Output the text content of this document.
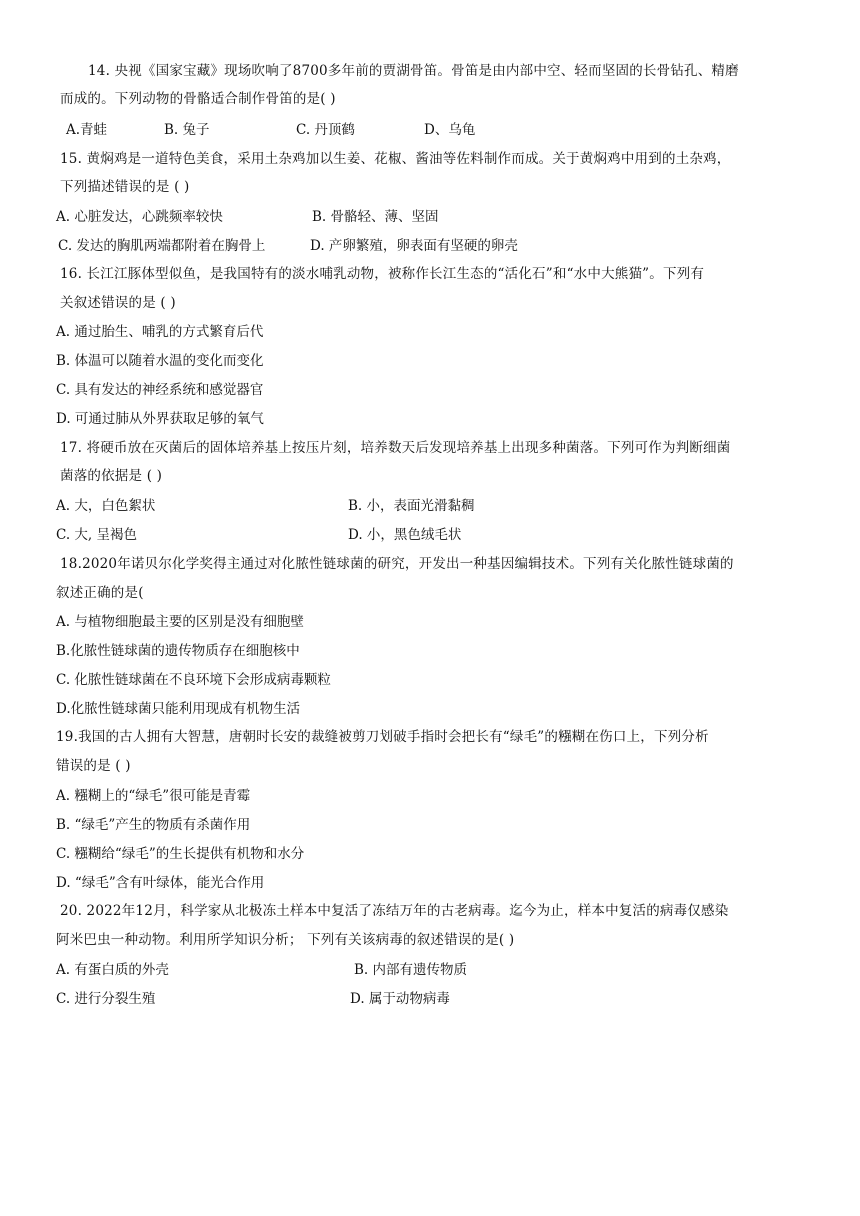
14. 央视《国家宝藏》现场吹响了8700多年前的贾湖骨笛。骨笛是由内部中空、轻而坚固的长骨钻孔、精磨
而成的。下列动物的骨骼适合制作骨笛的是( )
A.青蛙	B. 兔子	C. 丹顶鹤	D、乌龟
15. 黄焖鸡是一道特色美食，采用土杂鸡加以生姜、花椒、酱油等佐料制作而成。关于黄焖鸡中用到的土杂鸡，
下列描述错误的是 ( )
A. 心脏发达，心跳频率较快	B. 骨骼轻、薄、坚固
C. 发达的胸肌两端都附着在胸骨上	D. 产卵繁殖，卵表面有坚硬的卵壳
16. 长江江豚体型似鱼，是我国特有的淡水哺乳动物，被称作长江生态的“活化石”和“水中大熊猫”。下列有
关叙述错误的是 ( )
A. 通过胎生、哺乳的方式繁育后代
B. 体温可以随着水温的变化而变化
C. 具有发达的神经系统和感觉器官
D. 可通过肺从外界获取足够的氧气
17. 将硬币放在灭菌后的固体培养基上按压片刻，培养数天后发现培养基上出现多种菌落。下列可作为判断细菌
菌落的依据是 ( )
A. 大，白色絮状	B. 小，表面光滑黏稠
C. 大, 呈褐色	D. 小，黑色绒毛状
18.2020年诺贝尔化学奖得主通过对化脓性链球菌的研究，开发出一种基因编辑技术。下列有关化脓性链球菌的
叙述正确的是(
A. 与植物细胞最主要的区别是没有细胞壁
B.化脓性链球菌的遗传物质存在细胞核中
C. 化脓性链球菌在不良环境下会形成病毒颗粒
D.化脓性链球菌只能利用现成有机物生活
19.我国的古人拥有大智慧，唐朝时长安的裁缝被剪刀划破手指时会把长有“绿毛”的糨糊在伤口上，下列分析
错误的是 ( )
A. 糨糊上的“绿毛”很可能是青霉
B. “绿毛”产生的物质有杀菌作用
C. 糨糊给“绿毛”的生长提供有机物和水分
D. “绿毛”含有叶绿体，能光合作用
20. 2022年12月，科学家从北极冻土样本中复活了冻结万年的古老病毒。迄今为止，样本中复活的病毒仅感染
阿米巴虫一种动物。利用所学知识分析； 下列有关该病毒的叙述错误的是( )
A. 有蛋白质的外壳	B. 内部有遗传物质
C. 进行分裂生殖	D. 属于动物病毒
